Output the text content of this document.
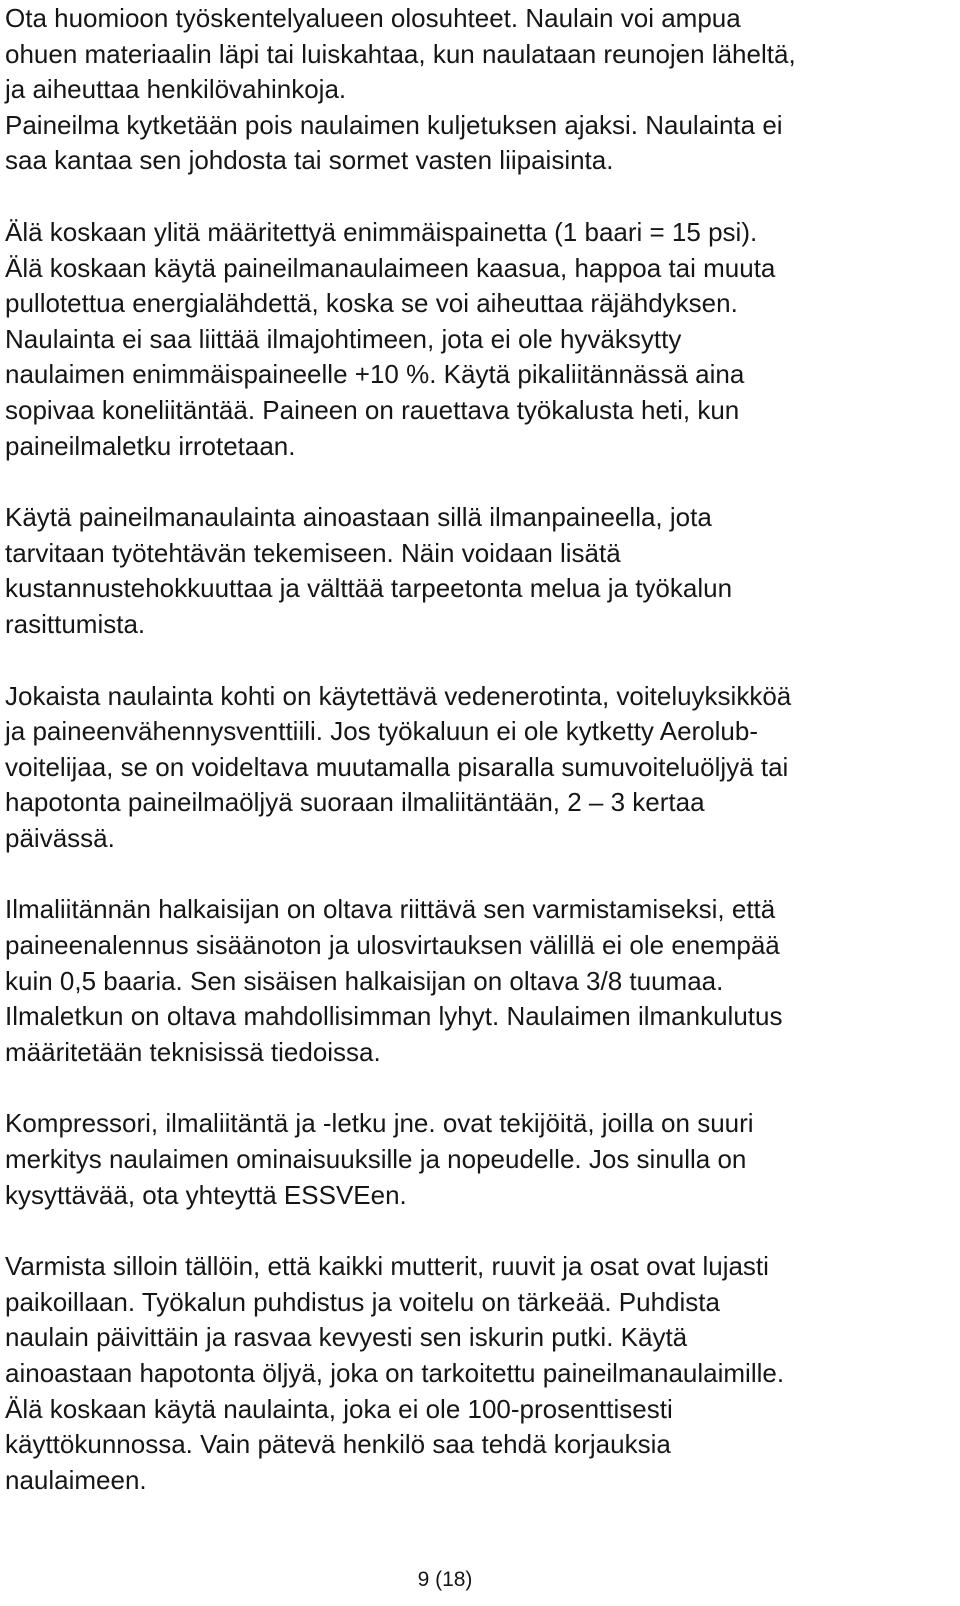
Ota huomioon työskentelyalueen olosuhteet. Naulain voi ampua
ohuen materiaalin läpi tai luiskahtaa, kun naulataan reunojen läheltä,
ja aiheuttaa henkilövahinkoja.
Paineilma kytketään pois naulaimen kuljetuksen ajaksi. Naulainta ei
saa kantaa sen johdosta tai sormet vasten liipaisinta.
Älä koskaan ylitä määritettyä enimmäispainetta (1 baari = 15 psi).
Älä koskaan käytä paineilmanaulaimeen kaasua, happoa tai muuta
pullotettua energialähdettä, koska se voi aiheuttaa räjähdyksen.
Naulainta ei saa liittää ilmajohtimeen, jota ei ole hyväksytty
naulaimen enimmäispaineelle +10 %. Käytä pikaliitännässä aina
sopivaa koneliitäntää. Paineen on rauettava työkalusta heti, kun
paineilmaletku irrotetaan.
Käytä paineilmanaulainta ainoastaan sillä ilmanpaineella, jota
tarvitaan työtehtävän tekemiseen. Näin voidaan lisätä
kustannustehokkuuttaa ja välttää tarpeetonta melua ja työkalun
rasittumista.
Jokaista naulainta kohti on käytettävä vedenerotinta, voiteluyksikköä
ja paineenvähennysventtiili. Jos työkaluun ei ole kytketty Aerolub-
voitelijaa, se on voideltava muutamalla pisaralla sumuvoiteluöljyä tai
hapotonta paineilmaöljyä suoraan ilmaliitäntään, 2 – 3 kertaa
päivässä.
Ilmaliitännän halkaisijan on oltava riittävä sen varmistamiseksi, että
paineenalennus sisäänoton ja ulosvirtauksen välillä ei ole enempää
kuin 0,5 baaria. Sen sisäisen halkaisijan on oltava 3/8 tuumaa.
Ilmaletkun on oltava mahdollisimman lyhyt. Naulaimen ilmankulutus
määritetään teknisissä tiedoissa.
Kompressori, ilmaliitäntä ja -letku jne. ovat tekijöitä, joilla on suuri
merkitys naulaimen ominaisuuksille ja nopeudelle. Jos sinulla on
kysyttävää, ota yhteyttä ESSVEen.
Varmista silloin tällöin, että kaikki mutterit, ruuvit ja osat ovat lujasti
paikoillaan. Työkalun puhdistus ja voitelu on tärkeää. Puhdista
naulain päivittäin ja rasvaa kevyesti sen iskurin putki. Käytä
ainoastaan hapotonta öljyä, joka on tarkoitettu paineilmanaulaimille.
Älä koskaan käytä naulainta, joka ei ole 100-prosenttisesti
käyttökunnossa. Vain pätevä henkilö saa tehdä korjauksia
naulaimeen.
9 (18)
